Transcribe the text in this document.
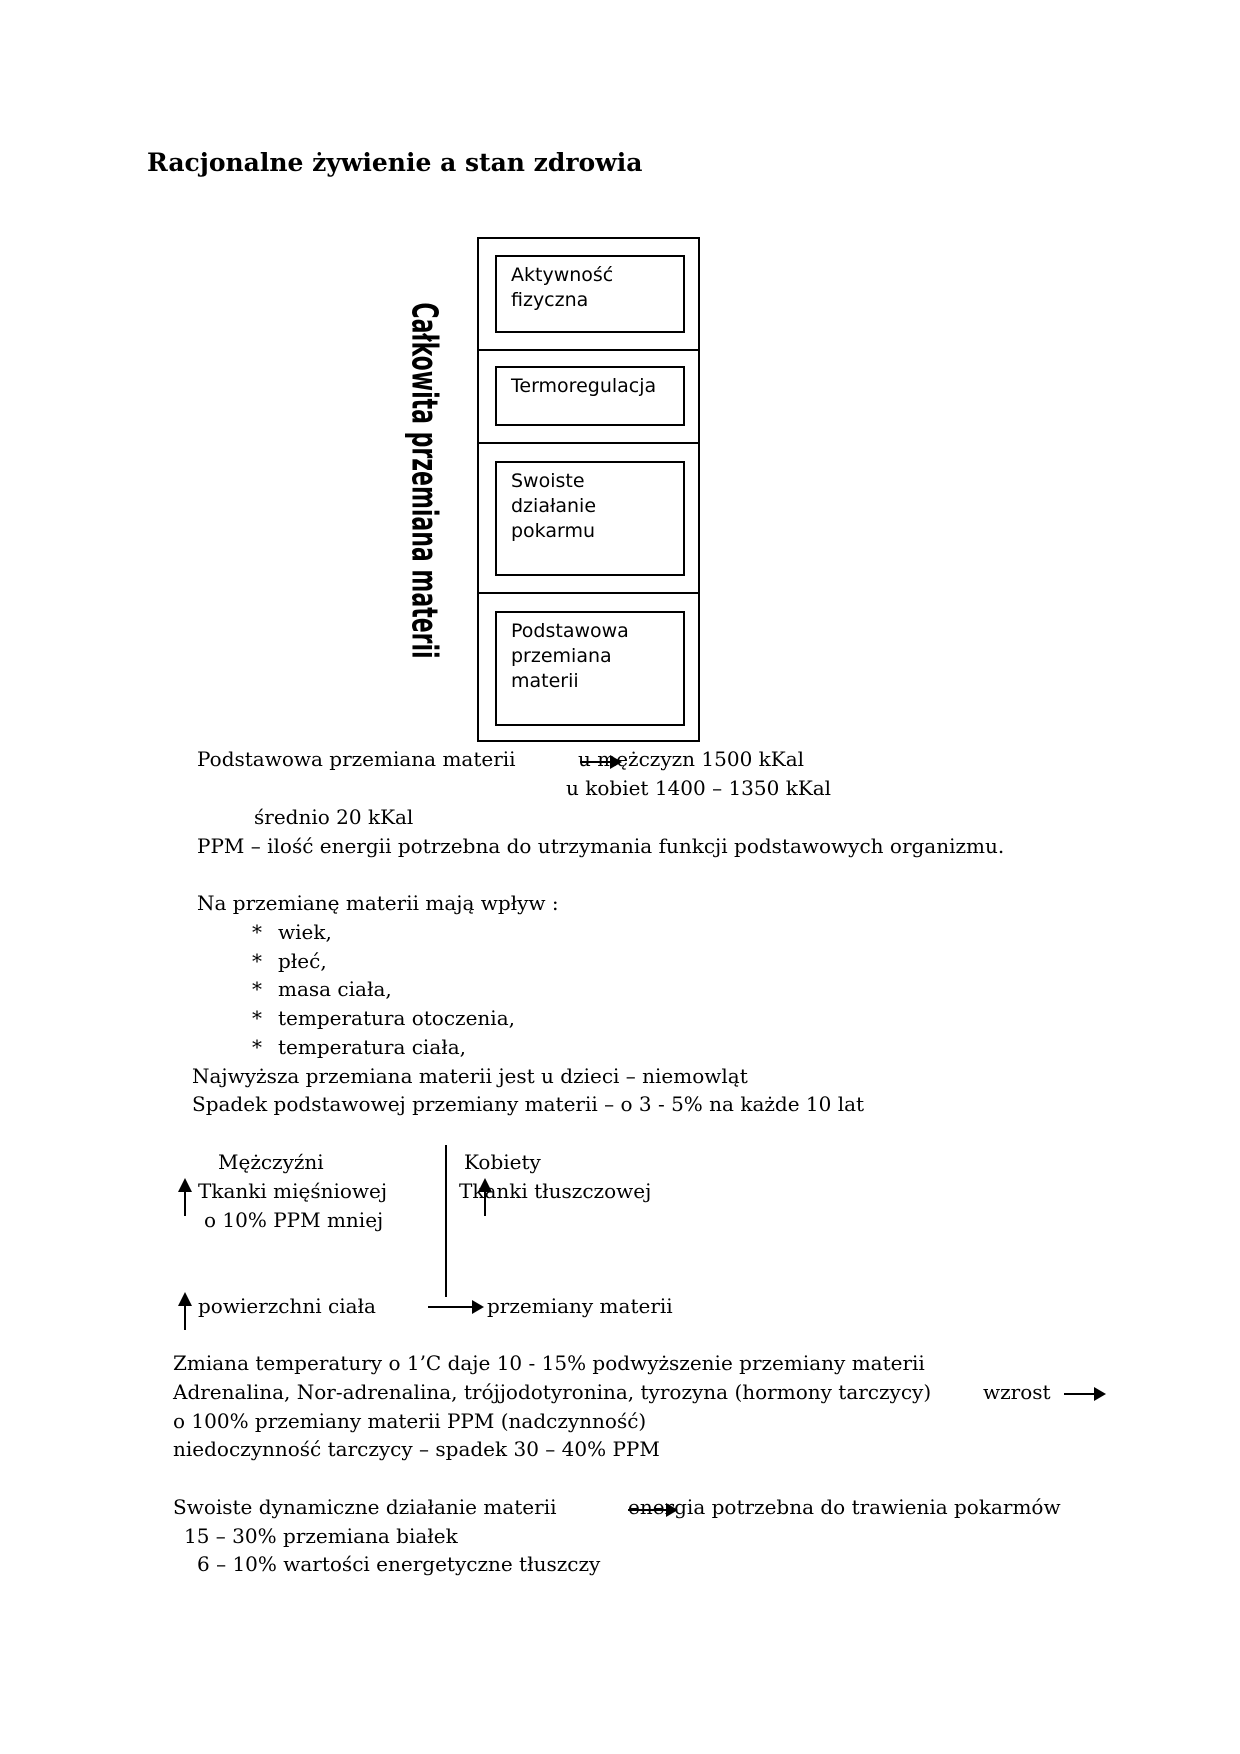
Racjonalne żywienie a stan zdrowia
Całkowita przemiana materii
Aktywność fizyczna
Termoregulacja
Swoiste działanie pokarmu
Podstawowa przemiana materii
Podstawowa przemiana materii	u mężczyzn 1500 kKal
u kobiet 1400 – 1350 kKal
średnio 20 kKal
PPM – ilość energii potrzebna do utrzymania funkcji podstawowych organizmu.
Na przemianę materii mają wpływ :
* wiek,
* płeć,
* masa ciała,
* temperatura otoczenia,
* temperatura ciała,
Najwyższa przemiana materii jest u dzieci – niemowląt
Spadek podstawowej przemiany materii – o 3 - 5% na każde 10 lat
Mężczyźni
Tkanki mięśniowej
o 10% PPM mniej
Kobiety
Tkanki tłuszczowej
powierzchni ciała	przemiany materii
Zmiana temperatury o 1’C daje 10 - 15% podwyższenie przemiany materii
Adrenalina, Nor-adrenalina, trójjodotyronina, tyrozyna (hormony tarczycy)	wzrost
o 100% przemiany materii PPM (nadczynność)
niedoczynność tarczycy – spadek 30 – 40% PPM
Swoiste dynamiczne działanie materii	energia potrzebna do trawienia pokarmów
15 – 30% przemiana białek
6 – 10% wartości energetyczne tłuszczy
